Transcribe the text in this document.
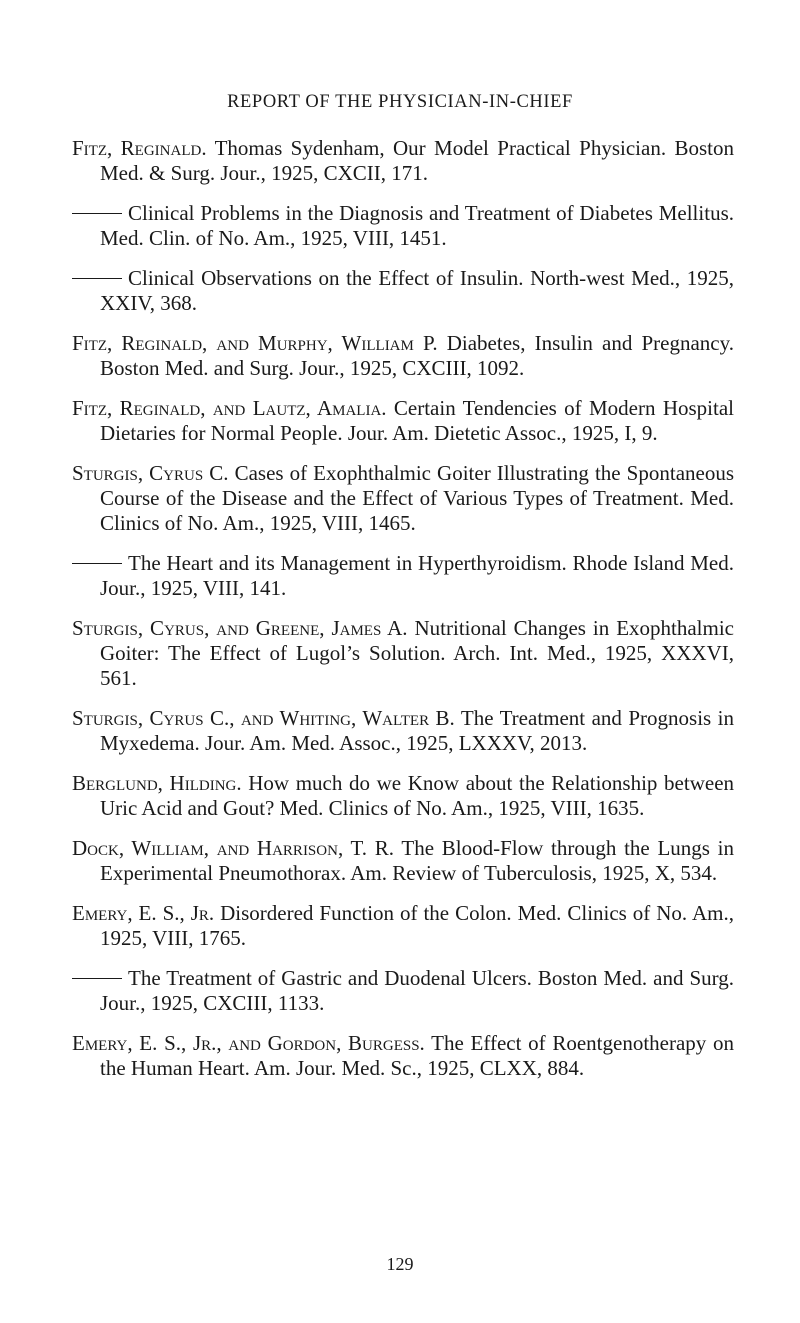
REPORT OF THE PHYSICIAN-IN-CHIEF

Fitz, Reginald. Thomas Sydenham, Our Model Practical Physician. Boston Med. & Surg. Jour., 1925, CXCII, 171.

Clinical Problems in the Diagnosis and Treatment of Diabetes Mellitus. Med. Clin. of No. Am., 1925, VIII, 1451.

Clinical Observations on the Effect of Insulin. North-west Med., 1925, XXIV, 368.

Fitz, Reginald, and Murphy, William P. Diabetes, Insulin and Pregnancy. Boston Med. and Surg. Jour., 1925, CXCIII, 1092.

Fitz, Reginald, and Lautz, Amalia. Certain Tendencies of Modern Hospital Dietaries for Normal People. Jour. Am. Dietetic Assoc., 1925, I, 9.

Sturgis, Cyrus C. Cases of Exophthalmic Goiter Illustrating the Spontaneous Course of the Disease and the Effect of Various Types of Treatment. Med. Clinics of No. Am., 1925, VIII, 1465.

The Heart and its Management in Hyperthyroidism. Rhode Island Med. Jour., 1925, VIII, 141.

Sturgis, Cyrus, and Greene, James A. Nutritional Changes in Exophthalmic Goiter: The Effect of Lugol’s Solution. Arch. Int. Med., 1925, XXXVI, 561.

Sturgis, Cyrus C., and Whiting, Walter B. The Treatment and Prognosis in Myxedema. Jour. Am. Med. Assoc., 1925, LXXXV, 2013.

Berglund, Hilding. How much do we Know about the Relationship between Uric Acid and Gout? Med. Clinics of No. Am., 1925, VIII, 1635.

Dock, William, and Harrison, T. R. The Blood-Flow through the Lungs in Experimental Pneumothorax. Am. Review of Tuberculosis, 1925, X, 534.

Emery, E. S., Jr. Disordered Function of the Colon. Med. Clinics of No. Am., 1925, VIII, 1765.

The Treatment of Gastric and Duodenal Ulcers. Boston Med. and Surg. Jour., 1925, CXCIII, 1133.

Emery, E. S., Jr., and Gordon, Burgess. The Effect of Roentgenotherapy on the Human Heart. Am. Jour. Med. Sc., 1925, CLXX, 884.

129
